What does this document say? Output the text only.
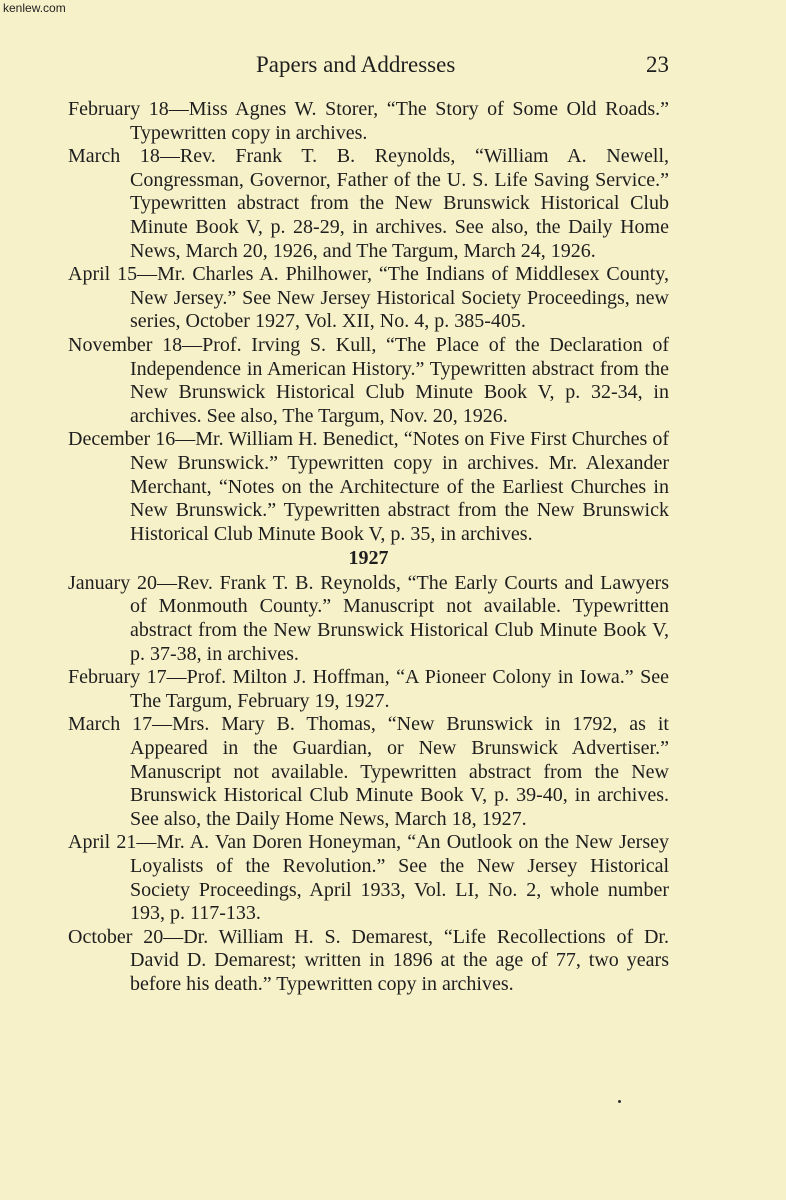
kenlew.com
Papers and Addresses	23

February 18—Miss Agnes W. Storer, “The Story of Some Old Roads.” Typewritten copy in archives.

March 18—Rev. Frank T. B. Reynolds, “William A. Newell, Congressman, Governor, Father of the U. S. Life Saving Service.” Typewritten abstract from the New Brunswick Historical Club Minute Book V, p. 28-29, in archives. See also, the Daily Home News, March 20, 1926, and The Targum, March 24, 1926.

April 15—Mr. Charles A. Philhower, “The Indians of Middlesex County, New Jersey.” See New Jersey Historical Society Proceedings, new series, October 1927, Vol. XII, No. 4, p. 385-405.

November 18—Prof. Irving S. Kull, “The Place of the Declaration of Independence in American History.” Typewritten abstract from the New Brunswick Historical Club Minute Book V, p. 32-34, in archives. See also, The Targum, Nov. 20, 1926.

December 16—Mr. William H. Benedict, “Notes on Five First Churches of New Brunswick.” Typewritten copy in archives. Mr. Alexander Merchant, “Notes on the Architecture of the Earliest Churches in New Brunswick.” Typewritten abstract from the New Brunswick Historical Club Minute Book V, p. 35, in archives.

1927

January 20—Rev. Frank T. B. Reynolds, “The Early Courts and Lawyers of Monmouth County.” Manuscript not available. Typewritten abstract from the New Brunswick Historical Club Minute Book V, p. 37-38, in archives.

February 17—Prof. Milton J. Hoffman, “A Pioneer Colony in Iowa.” See The Targum, February 19, 1927.

March 17—Mrs. Mary B. Thomas, “New Brunswick in 1792, as it Appeared in the Guardian, or New Brunswick Advertiser.” Manuscript not available. Typewritten abstract from the New Brunswick Historical Club Minute Book V, p. 39-40, in archives. See also, the Daily Home News, March 18, 1927.

April 21—Mr. A. Van Doren Honeyman, “An Outlook on the New Jersey Loyalists of the Revolution.” See the New Jersey Historical Society Proceedings, April 1933, Vol. LI, No. 2, whole number 193, p. 117-133.

October 20—Dr. William H. S. Demarest, “Life Recollections of Dr. David D. Demarest; written in 1896 at the age of 77, two years before his death.” Typewritten copy in archives.
